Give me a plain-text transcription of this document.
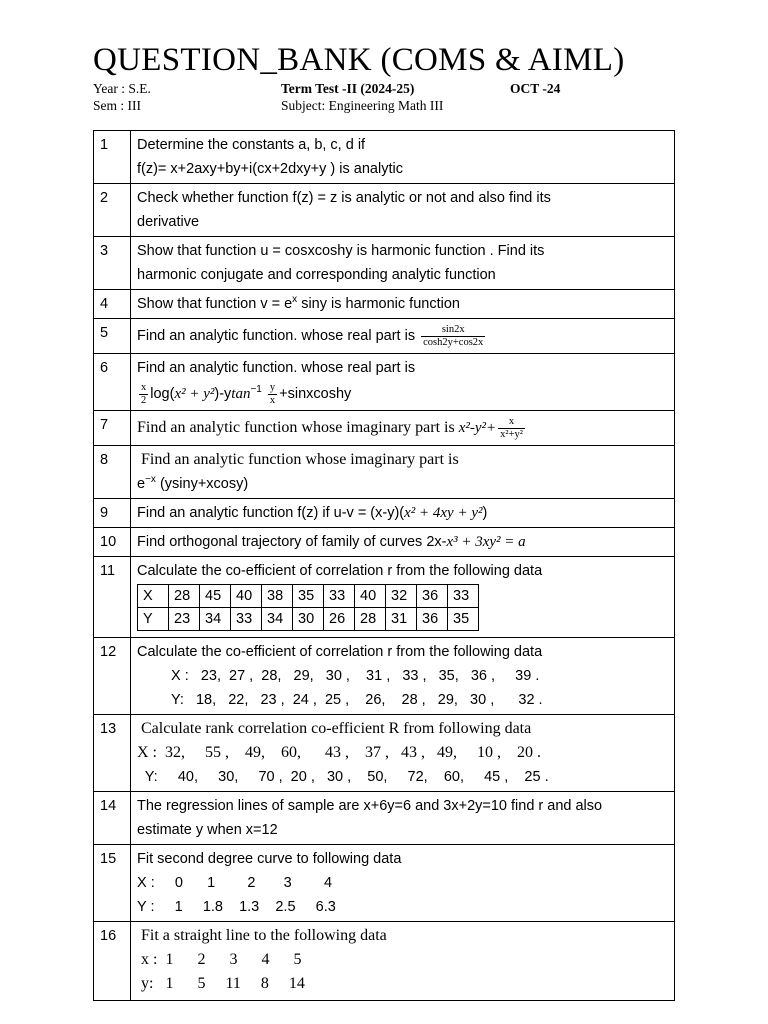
QUESTION_BANK (COMS & AIML)
Year : S.E.
Sem : III
Term Test -II (2024-25)
Subject: Engineering Math III
OCT -24
1	Determine the constants a, b, c, d if
f(z)= x+2axy+by+i(cx+2dxy+y ) is analytic

2	Check whether function f(z) = z is analytic or not and also find its
derivative

3	Show that function u = cosxcoshy is harmonic function . Find its
harmonic conjugate and corresponding analytic function

4	Show that function $v = e^x$ siny is harmonic function
5	Find an analytic function. whose real part is $\frac{\sin 2x}{\cosh 2y+\cos 2x}$

6	Find an analytic function. whose real part is
$\frac{x}{2} \log(x^2 + y^2)-ytan^{-1} \frac{y}{x}$ +sinxcoshy

7	Find an analytic function whose imaginary part is $x^2-y^2+ \frac{x}{\text{x²+y²}}$

8	Find an analytic function whose imaginary part is
$e^{-x}$ (ysiny+xcosy)

9	Find an analytic function f(z) if u-v = (x-y)(x² + 4xy + y²)
10	Find orthogonal trajectory of family of curves 2x-x³ + 3xy² = a
11	Calculate the co-efficient of correlation r from the following data
X	28	45	40	38	35	33	40	32	36	33
Y	23	34	33	34	30	26	28	31	36	35

12	Calculate the co-efficient of correlation r from the following data
X :   23,  27 ,  28,   29,   30 ,    31 ,   33 ,   35,   36 ,     39 .
Y:   18,   22,   23 ,  24 ,  25 ,    26,    28 ,   29,   30 ,      32 .

13	Calculate rank correlation co-efficient R from following data
X :  32,     55 ,    49,    60,      43 ,    37 ,   43 ,   49,     10 ,    20 .
Y:     40,     30,     70 ,  20 ,   30 ,    50,     72,    60,     45 ,    25 .

14	The regression lines of sample are x+6y=6 and 3x+2y=10 find r and also
estimate y when x=12

15	Fit second degree curve to following data
X :     0      1        2       3        4
Y :     1     1.8    1.3    2.5     6.3

16	Fit a straight line to the following data
x :  1      2      3      4      5
y:   1      5     11     8     14
